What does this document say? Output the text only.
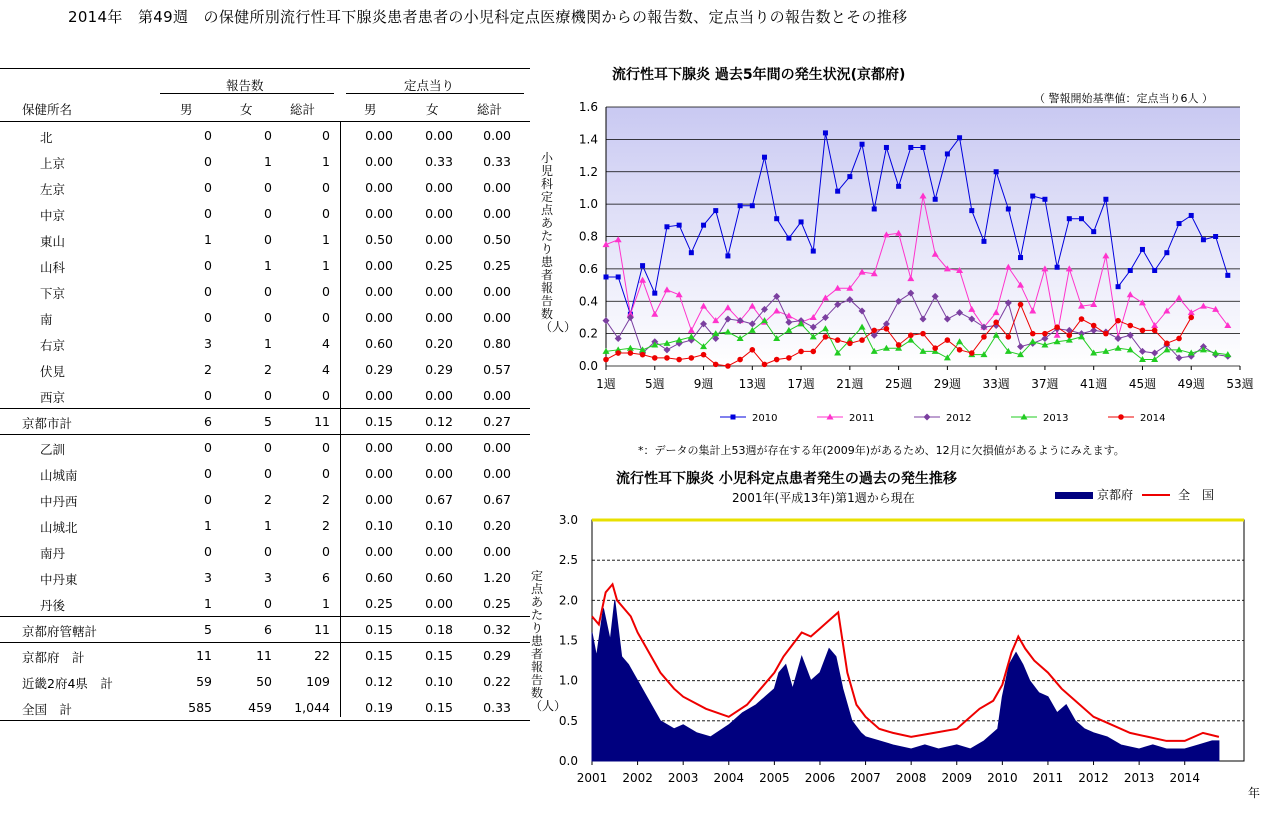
2014年　第49週　の保健所別流行性耳下腺炎患者患者の小児科定点医療機関からの報告数、定点当りの報告数とその推移
報告数	定点当り
保健所名	男	女	総計	男	女	総計
北	0	0	0	0.00	0.00 0.00
上京	0	1	1	0.00	0.33 0.33
左京	0	0	0	0.00	0.00 0.00
中京	0	0	0	0.00	0.00 0.00
東山	1	0	1	0.50	0.00 0.50
山科	0	1	1	0.00	0.25 0.25
下京	0	0	0	0.00	0.00 0.00
南	0	0	0	0.00	0.00 0.00
右京	3	1	4	0.60	0.20 0.80
伏見	2	2	4	0.29	0.29 0.57
西京	0	0	0	0.00	0.00 0.00
京都市計	6	5	11	0.15	0.12 0.27
乙訓	0	0	0	0.00	0.00 0.00
山城南	0	0	0	0.00	0.00 0.00
中丹西	0	2	2	0.00	0.67 0.67
山城北	1	1	2	0.10	0.10 0.20
南丹	0	0	0	0.00	0.00 0.00
中丹東	3	3	6	0.60	0.60 1.20
丹後	1	0	1	0.25	0.00 0.25
京都府管轄計	5	6	11	0.15	0.18 0.32
京都府　計	11	11	22	0.15	0.15 0.29
近畿2府4県　計	59	50	109	0.12	0.10 0.22
全国　計	585	459 1,044	0.19	0.15 0.33
流行性耳下腺炎 過去5年間の発生状況(京都府)
（ 警報開始基準値：定点当り6人 ）
小児科定点あたり患者報告数（人）
0.0
0.2
0.4
0.6
0.8
1.0
1.2
1.4
1.6
1週 5週 9週 13週 17週 21週 25週 29週 33週 37週 41週 45週 49週 53週
2010	2011	2012	2013	2014
*：データの集計上53週が存在する年(2009年)があるため、12月に欠損値があるようにみえます。
流行性耳下腺炎 小児科定点患者発生の過去の発生推移
2001年(平成13年)第1週から現在
定点あたり患者報告数（人）
年
0.0
0.5
1.0
1.5
2.0
2.5
3.0
2001 2002 2003 2004 2005 2006 2007 2008 2009 2010 2011 2012 2013 2014
京都府	全　国
